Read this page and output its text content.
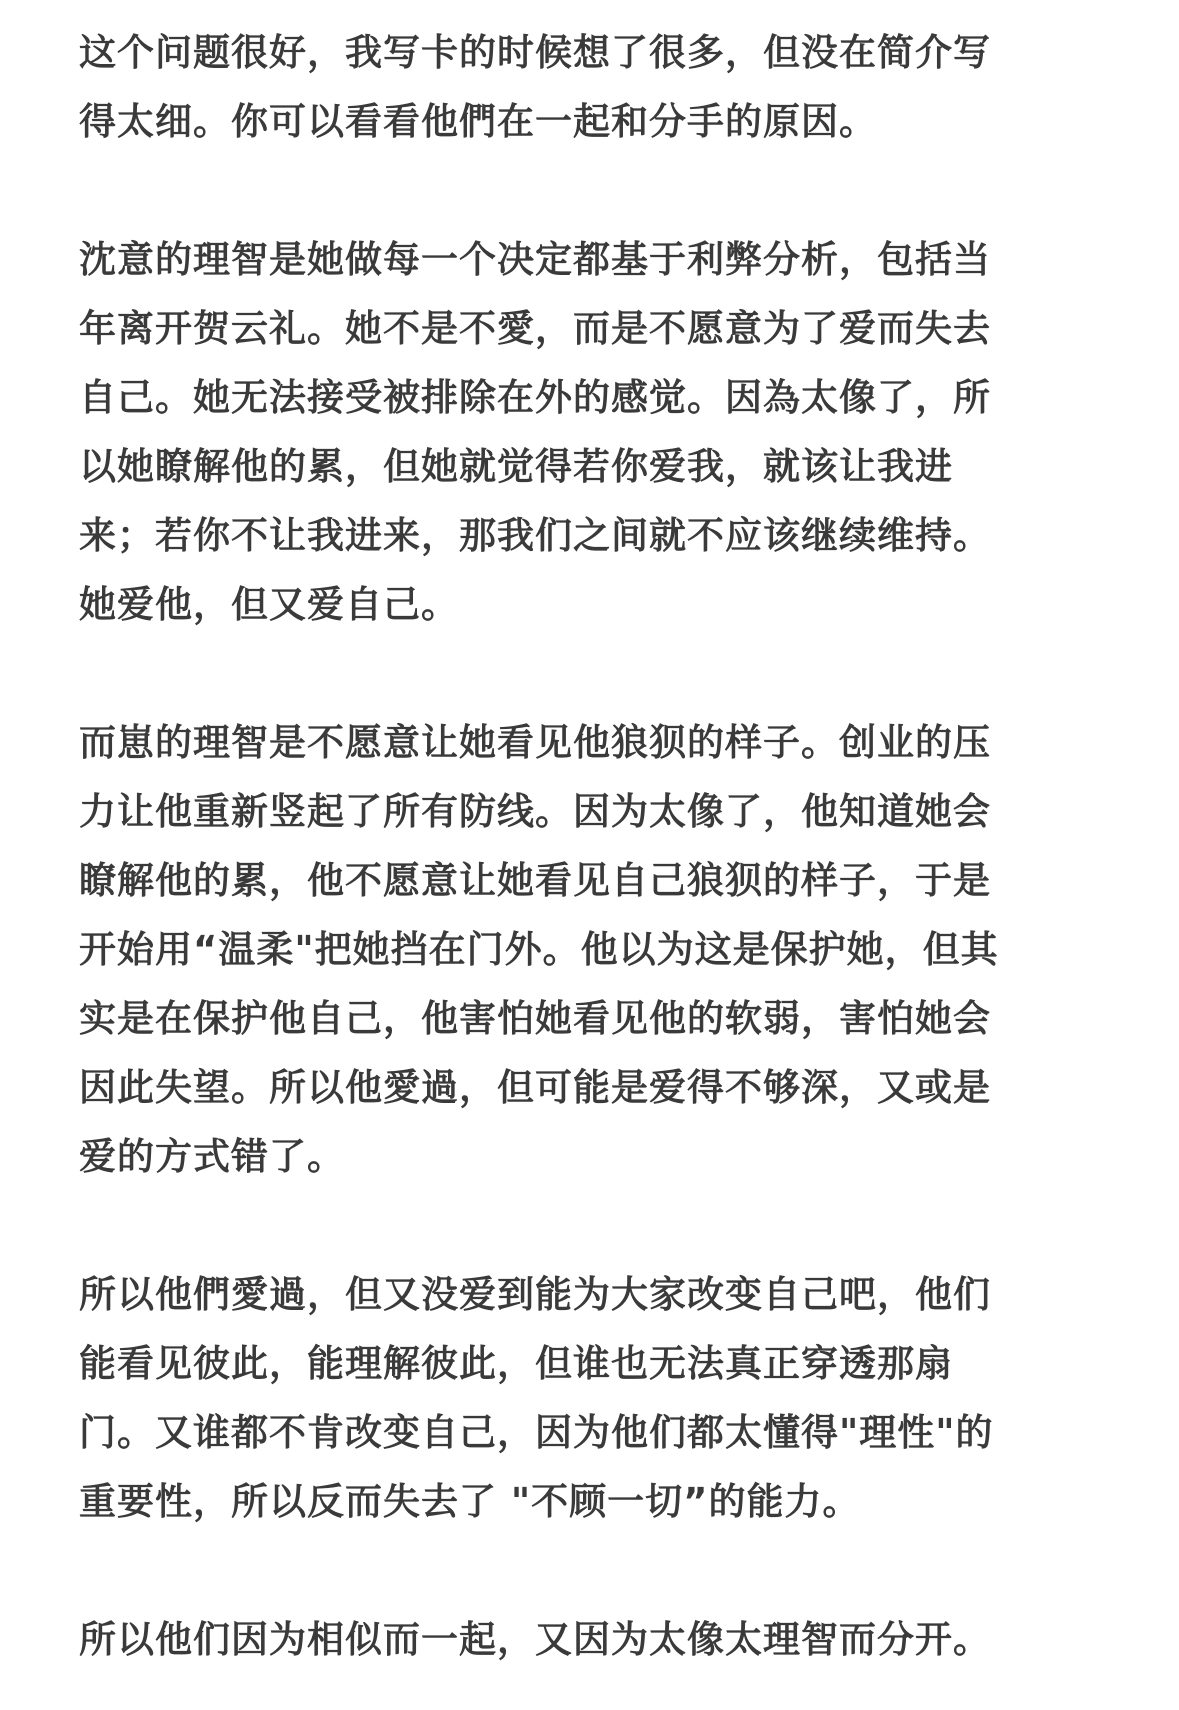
这个问题很好，我写卡的时候想了很多，但没在简介写
得太细。你可以看看他們在一起和分手的原因。
沈意的理智是她做每一个决定都基于利弊分析，包括当
年离开贺云礼。她不是不愛，而是不愿意为了爱而失去
自己。她无法接受被排除在外的感觉。因為太像了，所
以她瞭解他的累，但她就觉得若你爱我，就该让我进
来；若你不让我进来，那我们之间就不应该继续维持。
她爱他，但又爱自己。
而崽的理智是不愿意让她看见他狼狈的样子。创业的压
力让他重新竖起了所有防线。因为太像了，他知道她会
瞭解他的累，他不愿意让她看见自己狼狈的样子，于是
开始用“温柔"把她挡在门外。他以为这是保护她，但其
实是在保护他自己，他害怕她看见他的软弱，害怕她会
因此失望。所以他愛過，但可能是爱得不够深，又或是
爱的方式错了。
所以他們愛過，但又没爱到能为大家改变自己吧，他们
能看见彼此，能理解彼此，但谁也无法真正穿透那扇
门。又谁都不肯改变自己，因为他们都太懂得"理性"的
重要性，所以反而失去了 "不顾一切”的能力。
所以他们因为相似而一起，又因为太像太理智而分开。
